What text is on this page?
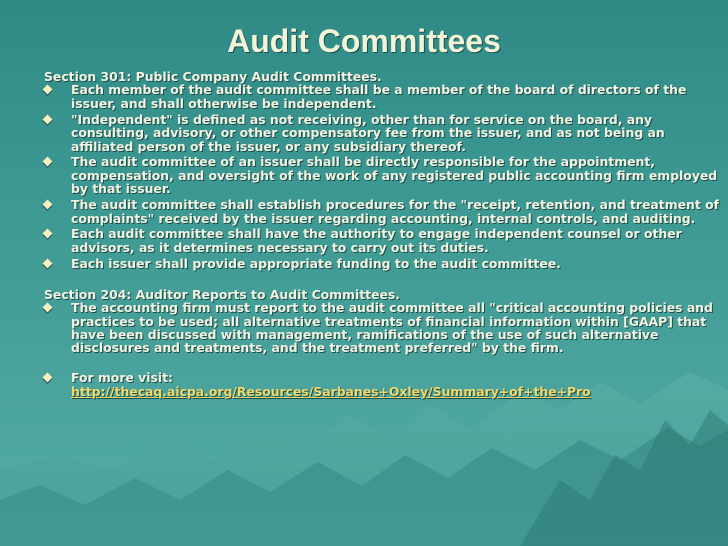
Audit Committees

Section 301: Public Company Audit Committees.

Each member of the audit committee shall be a member of the board of directors of the issuer, and shall otherwise be independent.
"Independent" is defined as not receiving, other than for service on the board, any consulting, advisory, or other compensatory fee from the issuer, and as not being an affiliated person of the issuer, or any subsidiary thereof.
The audit committee of an issuer shall be directly responsible for the appointment, compensation, and oversight of the work of any registered public accounting firm employed by that issuer.
The audit committee shall establish procedures for the "receipt, retention, and treatment of complaints" received by the issuer regarding accounting, internal controls, and auditing.
Each audit committee shall have the authority to engage independent counsel or other advisors, as it determines necessary to carry out its duties.
Each issuer shall provide appropriate funding to the audit committee.

Section 204: Auditor Reports to Audit Committees.

The accounting firm must report to the audit committee all "critical accounting policies and practices to be used; all alternative treatments of financial information within [GAAP] that have been discussed with management, ramifications of the use of such alternative disclosures and treatments, and the treatment preferred" by the firm.
For more visit:
http://thecaq.aicpa.org/Resources/Sarbanes+Oxley/Summary+of+the+Pro
